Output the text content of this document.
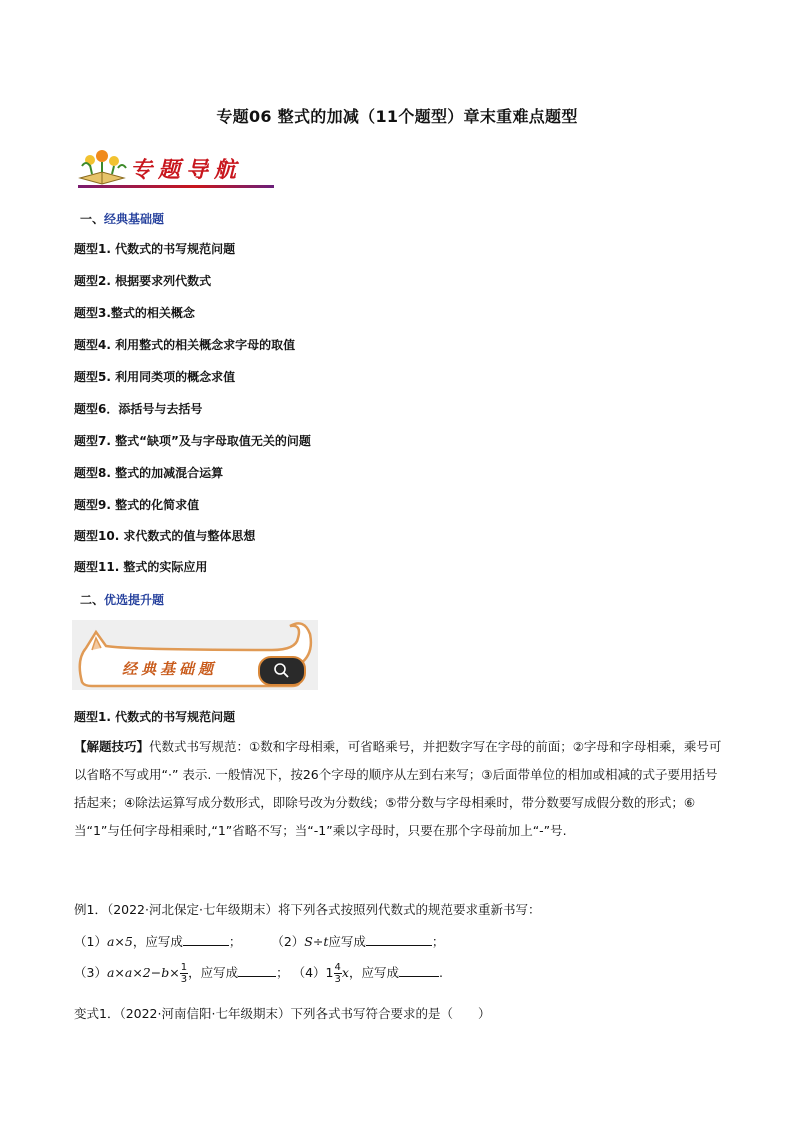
专题06 整式的加减（11个题型）章末重难点题型
专题导航
一、经典基础题
题型1. 代数式的书写规范问题
题型2. 根据要求列代数式
题型3.整式的相关概念
题型4. 利用整式的相关概念求字母的取值
题型5. 利用同类项的概念求值
题型6．添括号与去括号
题型7. 整式“缺项”及与字母取值无关的问题
题型8. 整式的加减混合运算
题型9. 整式的化简求值
题型10. 求代数式的值与整体思想
题型11. 整式的实际应用
二、优选提升题
经典基础题
题型1. 代数式的书写规范问题
【解题技巧】代数式书写规范：①数和字母相乘，可省略乘号，并把数字写在字母的前面；②字母和字母相乘，乘号可以省略不写或用“·” 表示. 一般情况下，按26个字母的顺序从左到右来写；③后面带单位的相加或相减的式子要用括号括起来；④除法运算写成分数形式，即除号改为分数线；⑤带分数与字母相乘时，带分数要写成假分数的形式；⑥当“1”与任何字母相乘时,“1”省略不写；当“-1”乘以字母时，只要在那个字母前加上“-”号.
例1．（2022·河北保定·七年级期末）将下列各式按照列代数式的规范要求重新书写：
（1）a×5，应写成	；  （2）S÷t应写成	；
$(3)a\times a\times 2-b\times \frac{1}{3}$ ，应写成	； $(4)1 \frac{4}{3}$ x，应写成	.
变式1．（2022·河南信阳·七年级期末）下列各式书写符合要求的是（　　）
